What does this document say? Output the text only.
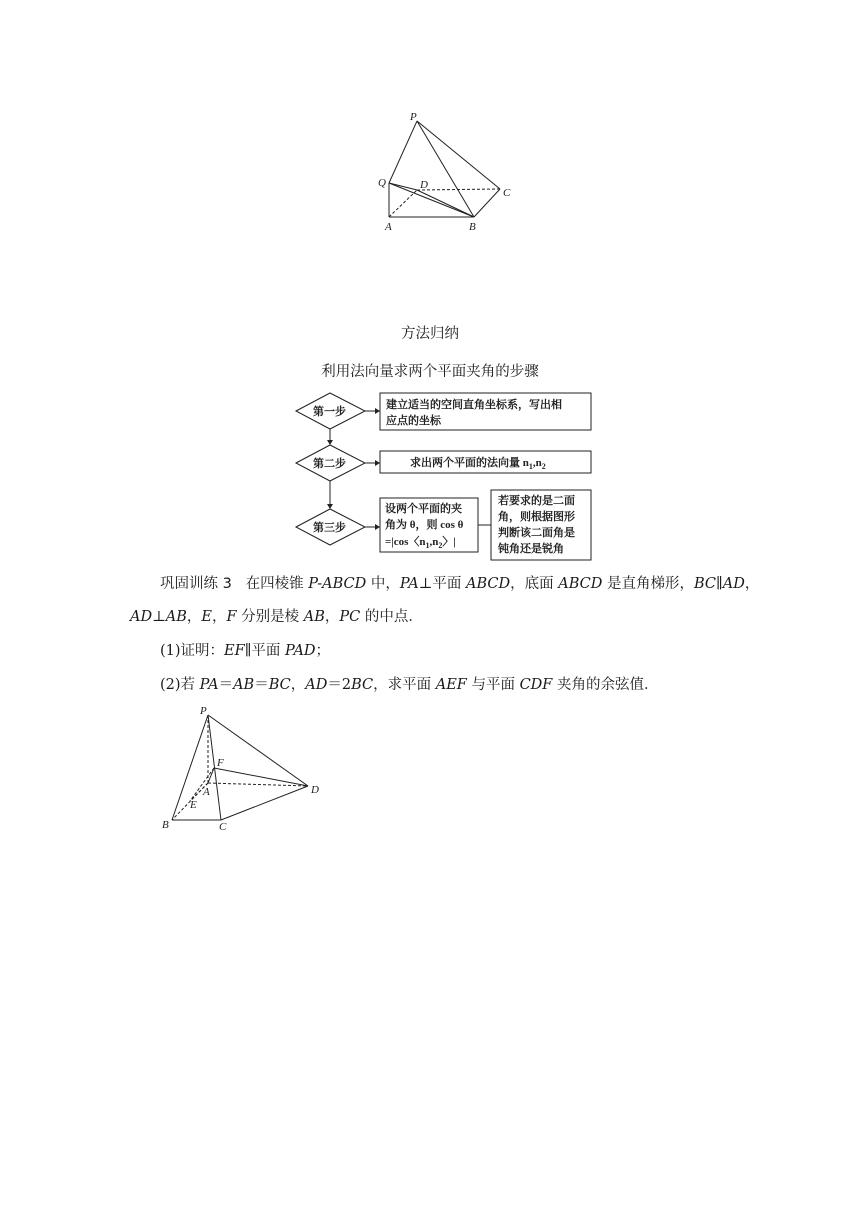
P
Q	D
C
A	B
方法归纳
利用法向量求两个平面夹角的步骤
第一步
第二步
第三步
建立适当的空间直角坐标系，写出相
应点的坐标
求出两个平面的法向量 $n_1,n_2$
设两个平面的夹
角为 θ，则 cos θ
=|cos〈$n_1,n_2$〉|
若要求的是二面
角，则根据图形
判断该二面角是
钝角还是锐角
巩固训练 3 在四棱锥 P-ABCD 中，PA⊥平面 ABCD，底面 ABCD 是直角梯形，BC∥AD，
AD⊥AB，E，F 分别是棱 AB，PC 的中点．
(1)证明：EF∥平面 PAD；
(2)若 PA＝AB＝BC，AD＝2BC，求平面 AEF 与平面 CDF 夹角的余弦值．
P
F
A
E
D
B	C
